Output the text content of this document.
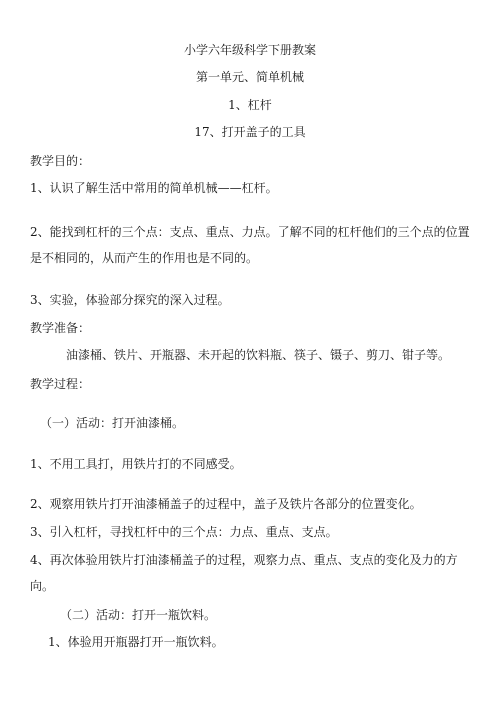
小学六年级科学下册教案
第一单元、简单机械
1、杠杆
17、打开盖子的工具
教学目的：
1、认识了解生活中常用的简单机械——杠杆。
2、能找到杠杆的三个点：支点、重点、力点。了解不同的杠杆他们的三个点的位置
是不相同的，从而产生的作用也是不同的。
3、实验，体验部分探究的深入过程。
教学准备：
油漆桶、铁片、开瓶器、未开起的饮料瓶、筷子、镊子、剪刀、钳子等。
教学过程：
（一）活动：打开油漆桶。
1、不用工具打，用铁片打的不同感受。
2、观察用铁片打开油漆桶盖子的过程中，盖子及铁片各部分的位置变化。
3、引入杠杆，寻找杠杆中的三个点：力点、重点、支点。
4、再次体验用铁片打油漆桶盖子的过程，观察力点、重点、支点的变化及力的方
向。
（二）活动：打开一瓶饮料。
1、体验用开瓶器打开一瓶饮料。
